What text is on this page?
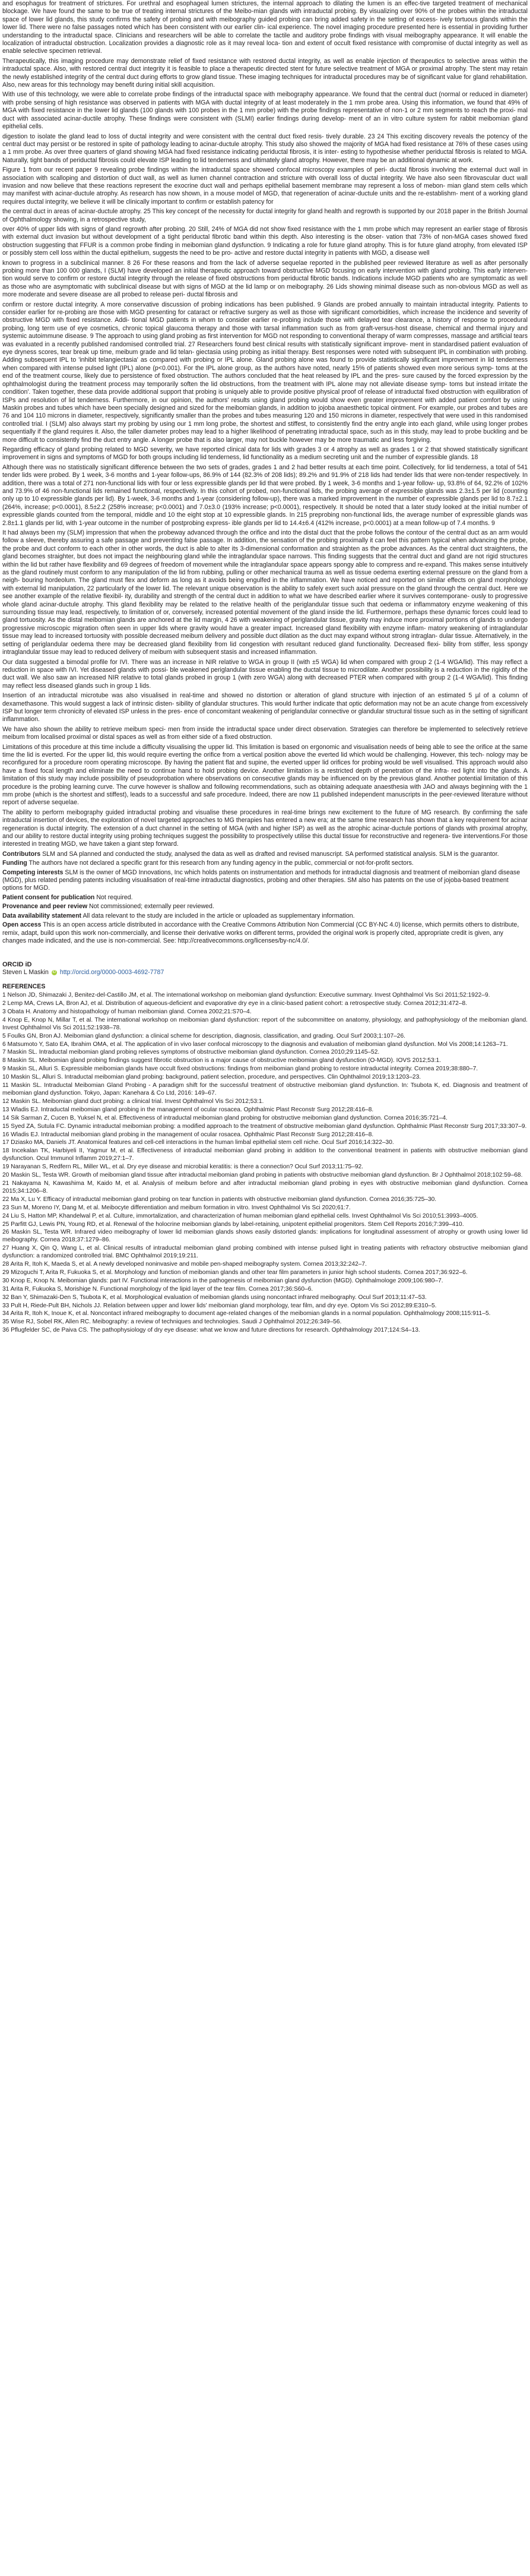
and esophagus for treatment of strictures. For urethral and esophageal lumen strictures, the internal approach to dilating the lumen is an effec-tive targeted treatment of mechanical blockage. We have found the same to be true of treating internal strictures of the Meibo-mian glands with intraductal probing. By visualizing over 90% of the probes within the intraductal space of lower lid glands, this study confirms the safety of probing and with meibography guided probing can bring added safety in the setting of excess- ively tortuous glands within the lower lid. There were no false passages noted which has been consistent with our earlier clin- ical experience. The novel imaging procedure presented here is essential in providing further understanding to the intraductal space. Clinicians and researchers will be able to correlate the tactile and auditory probe findings with visual meibography appearance. It will enable the localization of intraductal obstruction. Localization provides a diagnostic role as it may reveal loca- tion and extent of occult fixed resistance with compromise of ductal integrity as well as enable selective specimen retrieval.

Therapeutically, this imaging procedure may demonstrate relief of fixed resistance with restored ductal integrity, as well as enable injection of therapeutics to selective areas within the intraductal space. Also, with restored central duct integrity it is feasible to place a therapeutic directed stent for future selective treatment of MGA or proximal atrophy. The stent may retain the newly established integrity of the central duct during efforts to grow gland tissue. These imaging techniques for intraductal procedures may be of significant value for gland rehabilitation. Also, new areas for this technology may benefit during initial skill acquisition.

With use of this technology, we were able to correlate probe findings of the intraductal space with meibography appearance. We found that the central duct (normal or reduced in diameter) with probe sensing of high resistance was observed in patients with MGA with ductal integrity of at least moderately in the 1 mm probe area. Using this information, we found that 49% of MGA with fixed resistance in the lower lid glands (100 glands with 100 probes in the 1 mm probe) with the probe findings representative of non-1 or 2 mm segments to reach the proxi- mal duct with associated acinar-ductile atrophy. These findings were consistent with (SLMI) earlier findings during develop- ment of an in vitro culture system for rabbit meibomian gland epithelial cells.

digestion to isolate the gland lead to loss of ductal integrity and were consistent with the central duct fixed resis- tively durable. 23 24 This exciting discovery reveals the potency of the central duct may persist or be restored in spite of pathology leading to acinar-ductule atrophy. This study also showed the majority of MGA had fixed resistance at 76% of these cases using a 1 mm probe. As over three quarters of gland showing MGA had fixed resistance indicating periductal fibrosis, it is inter- esting to hypothesise whether periductal fibrosis is related to MGA. Naturally, tight bands of periductal fibrosis could elevate ISP leading to lid tenderness and ultimately gland atrophy. However, there may be an additional dynamic at work.

Figure 1 from our recent paper 9 revealing probe findings within the intraductal space showed confocal microscopy examples of peri- ductal fibrosis involving the external duct wall in association with scalloping and distortion of duct wall, as well as lumen channel contraction and stricture with overall loss of ductal integrity. We have also seen fibrovascular duct wall invasion and now believe that these reactions represent the exocrine duct wall and perhaps epithelial basement membrane may represent a loss of mebon- mian gland stem cells which may manifest with acinar-ductule atrophy. As research has now shown, in a mouse model of MGD, that regeneration of acinar-ductule units and the re-establishm- ment of a working gland requires ductal integrity, we believe it will be clinically important to confirm or establish patency for

the central duct in areas of acinar-ductule atrophy. 25 This key concept of the necessity for ductal integrity for gland health and regrowth is supported by our 2018 paper in the British Journal of Ophthalmology showing, in a retrospective study,

over 40% of upper lids with signs of gland regrowth after probing. 20 Still, 24% of MGA did not show fixed resistance with the 1 mm probe which may represent an earlier stage of fibrosis with external duct invasion but without development of a tight periductal fibrotic band within this depth. Also interesting is the obser- vation that 73% of non-MGA cases showed fixed obstruction suggesting that FFUR is a common probe finding in meibomian gland dysfunction. 9 Indicating a role for future gland atrophy. This is for future gland atrophy, from elevated ISP or possibly stem cell loss within the ductal epithelium, suggests the need to be pro- active and restore ductal integrity in patients with MGD, a disease well

known to progress in a subclinical manner. 8 26 For these reasons and from the lack of adverse sequelae reported in the published peer reviewed literature as well as after personally probing more than 100 000 glands, I (SLM) have developed an initial therapeutic approach toward obstructive MGD focusing on early intervention with gland probing. This early interven- tion would serve to confirm or restore ductal integrity through the release of fixed obstructions from periductal fibrotic bands. Indications include MGD patients who are symptomatic as well as those who are asymptomatic with subclinical disease but with signs of MGD at the lid lamp or on meibography. 26 Lids showing minimal disease such as non-obvious MGD as well as more moderate and severe disease are all probed to release peri- ductal fibrosis and

confirm or restore ductal integrity. A more conservative discussion of probing indications has been published. 9 Glands are probed annually to maintain intraductal integrity. Patients to consider earlier for re-probing are those with MGD presenting for cataract or refractive surgery as well as those with significant comorbidities, which increase the incidence and severity of obstructive MGD with fixed resistance. Addi- tional MGD patients in whom to consider earlier re-probing include those with delayed tear clearance, a history of response to procedural probing, long term use of eye cosmetics, chronic topical glaucoma therapy and those with tarsal inflammation such as from graft-versus-host disease, chemical and thermal injury and systemic autoimmune disease. 9 The approach to using gland probing as first intervention for MGD not responding to conventional therapy of warm compresses, massage and artificial tears was evaluated in a recently published randomised controlled trial. 27 Researchers found best clinical results with statistically significant improve- ment in standardised patient evaluation of eye dryness scores, tear break up time, meibum grade and lid telan- giectasia using probing as initial therapy. Best responses were noted with subsequent IPL in combination with probing. Adding subsequent IPL to 'inhibit telangiectasia' as compared with probing or IPL alone. Gland probing alone was found to provide statistically significant improvement in lid tenderness when compared with intense pulsed light (IPL) alone (p<0.001). For the IPL alone group, as the authors have noted, nearly 15% of patients showed even more serious symp- toms at the end of the treatment course, likely due to persistence of fixed obstruction. The authors concluded that the heat released by IPL and the pres- sure caused by the forced expression by the ophthalmologist during the treatment process may temporarily soften the lid obstructions, from the treatment with IPL alone may not alleviate disease symp- toms but instead irritate the condition'. Taken together, these data provide additional support that probing is uniquely able to provide positive physical proof of release of intraductal fixed obstruction with equilibration of ISPs and resolution of lid tenderness. Furthermore, in our opinion, the authors' results using gland probing would show even greater improvement with added patient comfort by using Maskin probes and tubes which have been specially designed and sized for the meibomian glands, in addition to jojoba anaesthetic topical ointment. For example, our probes and tubes are 76 and 104 110 microns in diameter, respectively, significantly smaller than the probes and tubes measuring 120 and 150 microns in diameter, respectively that were used in this randomised controlled trial. I (SLM) also always start my probing by using our 1 mm long probe, the shortest and stiffest, to consistently find the entry angle into each gland, while using longer probes sequentially if the gland requires it. Also, the taller diameter probes may lead to a higher likelihood of penetrating intraductal space, such as in this study, may lead to probe buckling and be more difficult to consistently find the duct entry angle. A longer probe that is also larger, may not buckle however may be more traumatic and less forgiving.

Regarding efficacy of gland probing related to MGD severity, we have reported clinical data for lids with grades 3 or 4 atrophy as well as grades 1 or 2 that showed statistically significant improvement in signs and symptoms of MGD for both groups including lid tenderness, lid functionality as a medium secreting unit and the number of expressible glands. 18

Although there was no statistically significant difference between the two sets of grades, grades 1 and 2 had better results at each time point. Collectively, for lid tenderness, a total of 541 tender lids were probed. By 1 week, 3-6 months and 1-year follow-ups, 86.9% of 144 (82.3% of 208 lids); 89.2% and 91.9% of 218 lids had tender lids that were non-tender respectively. In addition, there was a total of 271 non-functional lids with four or less expressible glands per lid that were probed. By 1 week, 3-6 months and 1-year follow- up, 93.8% of 64, 92.2% of 102% and 73.9% of 46 non-functional lids remained functional, respectively. In this cohort of probed, non-functional lids, the probing average of expressible glands was 2.3±1.5 per lid (counting only up to 10 expressible glands per lid). By 1-week, 3-6 months and 1-year (considering follow-up), there was a marked improvement in the number of expressible glands per lid to 8.7±2.1 (264%, increase; p<0.0001), 8.5±2.2 (258% increase; p<0.0001) and 7.0±3.0 (193% increase; p<0.0001), respectively. It should be noted that a later study looked at the initial number of expressible glands counted from the temporal, middle and 10 the eight stop at 10 expressible glands. In 215 preprobing non-functional lids, the average number of expressible glands was 2.8±1.1 glands per lid, with 1-year outcome in the number of postprobing express- ible glands per lid to 14.4±6.4 (412% increase, p<0.0001) at a mean follow-up of 7.4 months. 9

It had always been my (SLM) impression that when the probeway advanced through the orifice and into the distal duct that the probe follows the contour of the central duct as an arm would follow a sleeve, thereby assuring a safe passage and preventing false passage. In addition, the sensation of the probing proximally it can feel this pattern typical when advancing the probe, the probe and duct conform to each other in other words, the duct is able to alter its 3-dimensional conformation and straighten as the probe advances. As the central duct straightens, the gland becomes straighter, but does not impact the neighbouring gland while the intraglandular space narrows. This finding suggests that the central duct and gland are not rigid structures within the lid but rather have flexibility and 69 degrees of freedom of movement while the intraglandular space appears spongy able to compress and re-expand. This makes sense intuitively as the gland routinely must conform to any manipulation of the lid from rubbing, pulling or other mechanical trauma as well as tissue oedema exerting external pressure on the gland from a neigh- bouring hordeolum. The gland must flex and deform as long as it avoids being engulfed in the inflammation. We have noticed and reported on similar effects on gland morphology with external lid manipulation, 22 particularly of the lower lid. The relevant unique observation is the ability to safely exert such axial pressure on the gland through the central duct. Here we see another example of the relative flexibil- ity, durability and strength of the central duct in addition to what we have described earlier where it survives contemporane- ously to progressive whole gland acinar-ductule atrophy. This gland flexibility may be related to the relative health of the periglandular tissue such that oedema or inflammatory enzyme weakening of this surrounding tissue may lead, respectively, to limitation of or, conversely, increased potential movement of the gland inside the lid. Furthermore, perhaps these dynamic forces could lead to gland tortuosity. As the distal meibomian glands are anchored at the lid margin, 4 26 with weakening of periglandular tissue, gravity may induce more proximal portions of glands to undergo progressive microscopic migration often seen in upper lids where gravity would have a greater impact. Increased gland flexibility with enzyme inflam- matory weakening of intraglandular tissue may lead to increased tortuosity with possible decreased meibum delivery and possible duct dilation as the duct may expand without strong intraglan- dular tissue. Alternatively, in the setting of periglandular oedema there may be decreased gland flexibility from lid congestion with resultant reduced gland functionality. Decreased flexi- bility from stiffer, less spongy intraglandular tissue may lead to reduced delivery of meibum with subsequent stasis and increased inflammation.

Our data suggested a bimodal profile for IVI. There was an increase in NIR relative to WGA in group II (with ±5 WGA) lid when compared with group 2 (1-4 WGA/lid). This may reflect a reduction in space with IVI. Yet diseased glands with possi- ble weakened periglandular tissue enabling the ductal tissue to microdilate. Another possibility is a reduction in the rigidity of the duct wall. We also saw an increased NIR relative to total glands probed in group 1 (with zero WGA) along with decreased PTER when compared with group 2 (1-4 WGA/lid). This finding may reflect less diseased glands such in group 1 lids.

Insertion of an intraductal microtube was also visualised in real-time and showed no distortion or alteration of gland structure with injection of an estimated 5 µl of a column of dexamethasone. This would suggest a lack of intrinsic disten- sibility of glandular structures. This would further indicate that optic deformation may not be an acute change from excessively ISP but longer term chronicity of elevated ISP unless in the pres- ence of concomitant weakening of periglandular connective or glandular structural tissue such as in the setting of significant inflammation.

We have also shown the ability to retrieve meibum speci- men from inside the intraductal space under direct observation. Strategies can therefore be implemented to selectively retrieve meibum from localised proximal or distal spaces as well as from either side of a fixed obstruction.

Limitations of this procedure at this time include a difficulty visualising the upper lid. This limitation is based on ergonomic and visualisation needs of being able to see the orifice at the same time the lid is everted. For the upper lid, this would require everting the orifice from a vertical position above the everted lid which would be challenging. However, this tech- nology may be reconfigured for a procedure room operating microscope. By having the patient flat and supine, the everted upper lid orifices for probing would be well visualised. This approach would also have a fixed focal length and eliminate the need to continue hand to hold probing device. Another limitation is a restricted depth of penetration of the infra- red light into the glands. A limitation of this study may include possibility of pseudoprobation where observations on consecutive glands may be influenced on by the previous gland. Another potential limitation of this procedure is the probing learning curve. The curve however is shallow and following recommendations, such as obtaining adequate anaesthesia with JAO and always beginning with the 1 mm probe (which is the shortest and stiffest), leads to a successful and safe procedure. Indeed, there are now 11 published independent manuscripts in the peer-reviewed literature without report of adverse sequelae.

The ability to perform meibography guided intraductal probing and visualise these procedures in real-time brings new excitement to the future of MG research. By confirming the safe intraductal insertion of devices, the exploration of novel targeted approaches to MG therapies has entered a new era; at the same time research has shown that a key requirement for acinar regeneration is ductal integrity. The extension of a duct channel in the setting of MGA (with and higher ISP) as well as the atrophic acinar-ductule portions of glands with proximal atrophy, and our ability to restore ductal integrity using probing techniques suggest the possibility to prospectively utilise this ductal tissue for reconstructive and regenera- tive interventions.For those interested in treating MGD, we have taken a giant step forward.

Contributors SLM and SA planned and conducted the study, analysed the data as well as drafted and revised manuscript. SA performed statistical analysis. SLM is the guarantor.

Funding The authors have not declared a specific grant for this research from any funding agency in the public, commercial or not-for-profit sectors.

Competing interests SLM is the owner of MGD Innovations, Inc which holds patents on instrumentation and methods for intraductal diagnosis and treatment of meibomian gland disease (MGD), plus related pending patents including visualisation of real-time intraductal diagnostics, probing and other therapies. SM also has patents on the use of jojoba-based treatment options for MGD.

Patient consent for publication Not required.

Provenance and peer review Not commissioned; externally peer reviewed.

Data availability statement All data relevant to the study are included in the article or uploaded as supplementary information.

Open access This is an open access article distributed in accordance with the Creative Commons Attribution Non Commercial (CC BY-NC 4.0) license, which permits others to distribute, remix, adapt, build upon this work non-commercially, and license their derivative works on different terms, provided the original work is properly cited, appropriate credit is given, any changes made indicated, and the use is non-commercial. See: http://creativecommons.org/licenses/by-nc/4.0/.

ORCID iD
Steven L Maskin iD http://orcid.org/0000-0003-4692-7787
REFERENCES
1 Nelson JD, Shimazaki J, Benitez-del-Castillo JM, et al. The international workshop on meibomian gland dysfunction: Executive summary. Invest Ophthalmol Vis Sci 2011;52:1922–9.
2 Lemp MA, Crews LA, Bron AJ, et al. Distribution of aqueous-deficient and evaporative dry eye in a clinic-based patient cohort: a retrospective study. Cornea 2012;31:472–8.
3 Obata H. Anatomy and histopathology of human meibomian gland. Cornea 2002;21:S70–4.
4 Knop E, Knop N, Millar T, et al. The international workshop on meibomian gland dysfunction: report of the subcommittee on anatomy, physiology, and pathophysiology of the meibomian gland. Invest Ophthalmol Vis Sci 2011;52:1938–78.
5 Foulks GN, Bron AJ. Meibomian gland dysfunction: a clinical scheme for description, diagnosis, classification, and grading. Ocul Surf 2003;1:107–26.
6 Matsumoto Y, Sato EA, Ibrahim OMA, et al. The application of in vivo laser confocal microscopy to the diagnosis and evaluation of meibomian gland dysfunction. Mol Vis 2008;14:1263–71.
7 Maskin SL. Intraductal meibomian gland probing relieves symptoms of obstructive meibomian gland dysfunction. Cornea 2010;29:1145–52.
8 Maskin SL. Meibomian gland probing findings suggest fibrotic obstruction is a major cause of obstructive meibomian gland dysfunction (O-MGD). IOVS 2012;53:1.
9 Maskin SL, Alluri S. Expressible meibomian glands have occult fixed obstructions: findings from meibomian gland probing to restore intraductal integrity. Cornea 2019;38:880–7.
10 Maskin SL, Alluri S. Intraductal meibomian gland probing: background, patient selection, procedure, and perspectives. Clin Ophthalmol 2019;13:1203–23.
11 Maskin SL. Intraductal Meibomian Gland Probing - A paradigm shift for the successful treatment of obstructive meibomian gland dysfunction. In: Tsubota K, ed. Diagnosis and treatment of meibomian gland dysfunction. Tokyo, Japan: Kanehara & Co Ltd, 2016: 149–67.
12 Maskin SL. Meibomian gland duct probing: a clinical trial. Invest Ophthalmol Vis Sci 2012;53:1.
13 Wladis EJ. Intraductal meibomian gland probing in the management of ocular rosacea. Ophthalmic Plast Reconstr Surg 2012;28:416–8.
14 Sik Sarman Z, Cucen B, Yuksel N, et al. Effectiveness of intraductal meibomian gland probing for obstructive meibomian gland dysfunction. Cornea 2016;35:721–4.
15 Syed ZA, Sutula FC. Dynamic intraductal meibomian probing: a modified approach to the treatment of obstructive meibomian gland dysfunction. Ophthalmic Plast Reconstr Surg 2017;33:307–9.
16 Wladis EJ. Intraductal meibomian gland probing in the management of ocular rosacea. Ophthalmic Plast Reconstr Surg 2012;28:416–8.
17 Dziasko MA, Daniels JT. Anatomical features and cell-cell interactions in the human limbal epithelial stem cell niche. Ocul Surf 2016;14:322–30.
18 Incekalan TK, Harbiyeli II, Yagmur M, et al. Effectiveness of intraductal meibomian gland probing in addition to the conventional treatment in patients with obstructive meibomian gland dysfunction. Ocul Immunol Inflamm 2019;27:1–7.
19 Narayanan S, Redfern RL, Miller WL, et al. Dry eye disease and microbial keratitis: is there a connection? Ocul Surf 2013;11:75–92.
20 Maskin SL, Testa WR. Growth of meibomian gland tissue after intraductal meibomian gland probing in patients with obstructive meibomian gland dysfunction. Br J Ophthalmol 2018;102:59–68.
21 Nakayama N, Kawashima M, Kaido M, et al. Analysis of meibum before and after intraductal meibomian gland probing in eyes with obstructive meibomian gland dysfunction. Cornea 2015;34:1206–8.
22 Ma X, Lu Y. Efficacy of intraductal meibomian gland probing on tear function in patients with obstructive meibomian gland dysfunction. Cornea 2016;35:725–30.
23 Sun M, Moreno IY, Dang M, et al. Meibocyte differentiation and meibum formation in vitro. Invest Ophthalmol Vis Sci 2020;61:7.
24 Liu S, Hatton MP, Khandelwal P, et al. Culture, immortalization, and characterization of human meibomian gland epithelial cells. Invest Ophthalmol Vis Sci 2010;51:3993–4005.
25 Parfitt GJ, Lewis PN, Young RD, et al. Renewal of the holocrine meibomian glands by label-retaining, unipotent epithelial progenitors. Stem Cell Reports 2016;7:399–410.
26 Maskin SL, Testa WR. Infrared video meibography of lower lid meibomian glands shows easily distorted glands: implications for longitudinal assessment of atrophy or growth using lower lid meibography. Cornea 2018;37:1279–86.
27 Huang X, Qin Q, Wang L, et al. Clinical results of intraductal meibomian gland probing combined with intense pulsed light in treating patients with refractory obstructive meibomian gland dysfunction: a randomized controlled trial. BMC Ophthalmol 2019;19:211.
28 Arita R, Itoh K, Maeda S, et al. A newly developed noninvasive and mobile pen-shaped meibography system. Cornea 2013;32:242–7.
29 Mizoguchi T, Arita R, Fukuoka S, et al. Morphology and function of meibomian glands and other tear film parameters in junior high school students. Cornea 2017;36:922–6.
30 Knop E, Knop N. Meibomian glands: part IV. Functional interactions in the pathogenesis of meibomian gland dysfunction (MGD). Ophthalmologe 2009;106:980–7.
31 Arita R, Fukuoka S, Morishige N. Functional morphology of the lipid layer of the tear film. Cornea 2017;36:S60–6.
32 Ban Y, Shimazaki-Den S, Tsubota K, et al. Morphological evaluation of meibomian glands using noncontact infrared meibography. Ocul Surf 2013;11:47–53.
33 Pult H, Riede-Pult BH, Nichols JJ. Relation between upper and lower lids' meibomian gland morphology, tear film, and dry eye. Optom Vis Sci 2012;89:E310–5.
34 Arita R, Itoh K, Inoue K, et al. Noncontact infrared meibography to document age-related changes of the meibomian glands in a normal population. Ophthalmology 2008;115:911–5.
35 Wise RJ, Sobel RK, Allen RC. Meibography: a review of techniques and technologies. Saudi J Ophthalmol 2012;26:349–56.
36 Pflugfelder SC, de Paiva CS. The pathophysiology of dry eye disease: what we know and future directions for research. Ophthalmology 2017;124:S4–13.
